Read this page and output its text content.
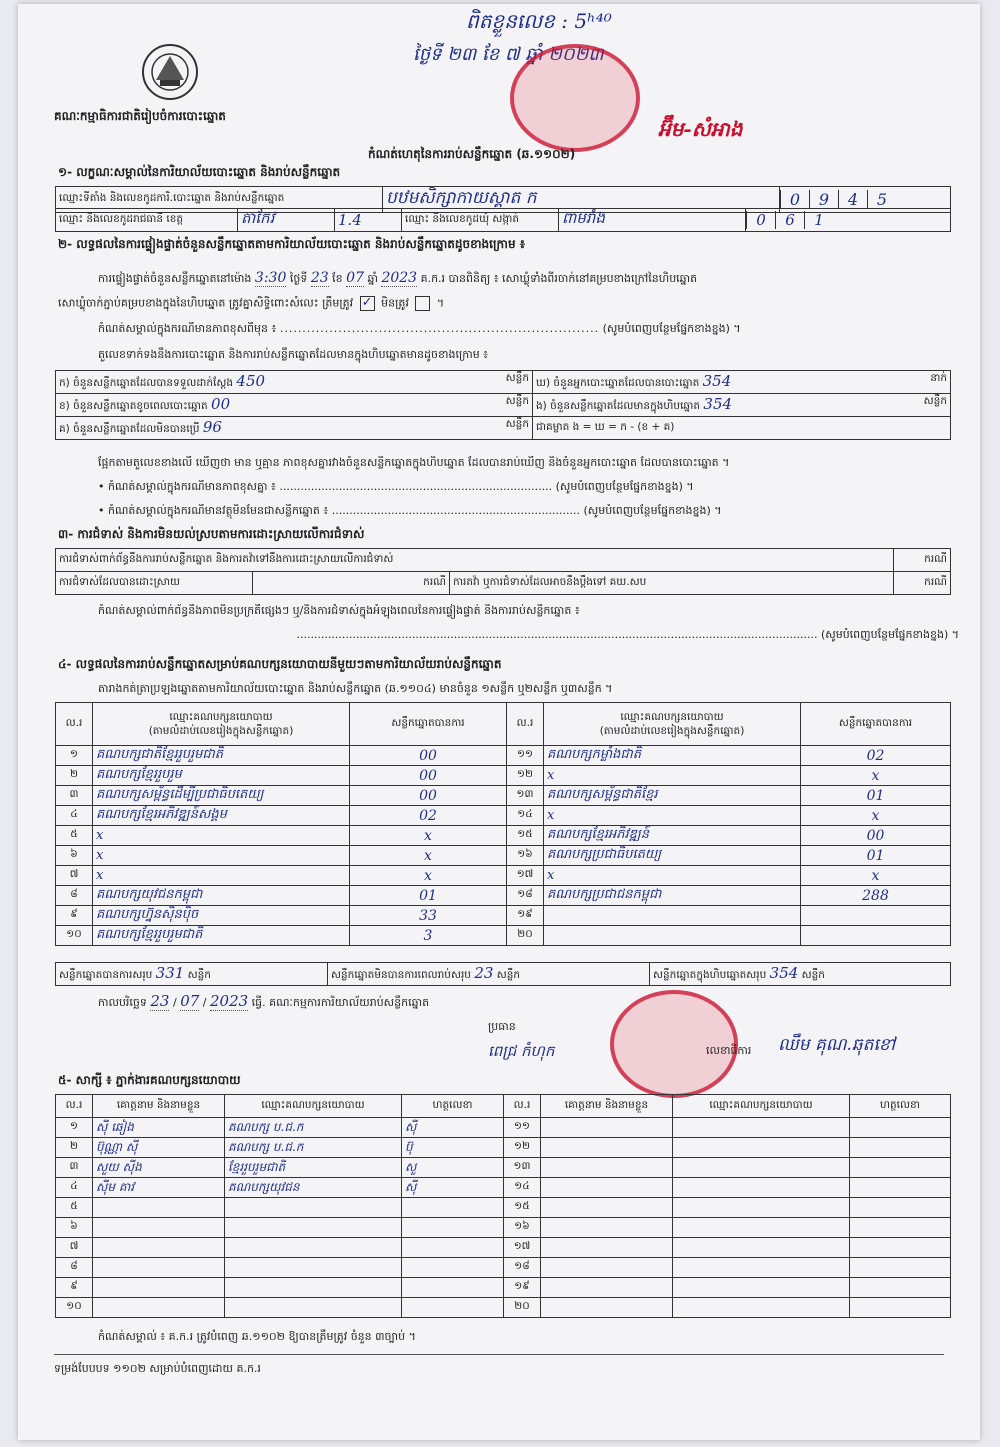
គណៈកម្មាធិការជាតិរៀបចំការបោះឆ្នោត
ពិតខ្លួនលេខ : 5ʰ⁴⁰
ថ្ងៃទី ២៣ ខែ ៧ ឆ្នាំ ២០២៣
អ៊ឹម-សំអាង
កំណត់ហេតុនៃការរាប់សន្លឹកឆ្នោត (ឆ.១១០២)
១- លក្ខណៈសម្គាល់នៃការិយាល័យបោះឆ្នោត និងរាប់សន្លឹកឆ្នោត
ឈ្មោះទីតាំង និងលេខកូដការិ.បោះឆ្នោត និងរាប់សន្លឹកឆ្នោត	បឋមសិក្សាកាយស្គាត ក	0 9 4 5
ឈ្មោះ និងលេខកូដរាជធានី ខេត្ត	តាកែវ	1.4	ឈ្មោះ និងលេខកូដឃុំ សង្កាត់	ពាមរាំង	0 6 1
២- លទ្ធផលនៃការផ្ទៀងផ្ទាត់ចំនួនសន្លឹកឆ្នោតតាមការិយាល័យបោះឆ្នោត និងរាប់សន្លឹកឆ្នោតដូចខាងក្រោម ៖
ការផ្ទៀងផ្ទាត់ចំនួនសន្លឹកឆ្នោតនៅម៉ោង 3:30 ថ្ងៃទី 23 ខែ 07 ឆ្នាំ 2023 គ.ក.រ បានពិនិត្យ ៖ សោឃ្លុំទាំងពីរចាក់នៅគម្របខាងក្រៅនៃហិបឆ្នោត
សោឃ្លុំចាក់ភ្ជាប់គម្របខាងក្នុងនៃហិបឆ្នោត ត្រូវគ្នាសិទ្ធិពោះសំលេះ ត្រឹមត្រូវ ✓ មិនត្រូវ  ។
កំណត់សម្គាល់ក្នុងករណីមានភាពខុសពីមុន ៖ ....................................................................... (សូមបំពេញបន្ថែមផ្នែកខាងខ្នង) ។
តួលេខទាក់ទងនឹងការបោះឆ្នោត និងការរាប់សន្លឹកឆ្នោតដែលមានក្នុងហិបឆ្នោតមានដូចខាងក្រោម ៖
ក) ចំនួនសន្លឹកឆ្នោតដែលបានទទួលដាក់ស្តែង 450 សន្លឹក	ឃ) ចំនួនអ្នកបោះឆ្នោតដែលបានបោះឆ្នោត 354 នាក់

ខ) ចំនួនសន្លឹកឆ្នោតខូចពេលបោះឆ្នោត 00 សន្លឹក	ង) ចំនួនសន្លឹកឆ្នោតដែលមានក្នុងហិបឆ្នោត 354 សន្លឹក

គ) ចំនួនសន្លឹកឆ្នោតដែលមិនបានប្រើ 96 សន្លឹក	ជាគម្លាត ង = ឃ = ក - (ខ + គ)
ផ្អែកតាមតួលេខខាងលើ ឃើញថា មាន ឬគ្មាន ភាពខុសគ្នារវាងចំនួនសន្លឹកឆ្នោតក្នុងហិបឆ្នោត ដែលបានរាប់ឃើញ និងចំនួនអ្នកបោះឆ្នោត ដែលបានបោះឆ្នោត ។
• កំណត់សម្គាល់ក្នុងករណីមានភាពខុសគ្នា ៖ .............................................................................. (សូមបំពេញបន្ថែមផ្នែកខាងខ្នង) ។
• កំណត់សម្គាល់ក្នុងករណីមានវត្ថុមិនមែនជាសន្លឹកឆ្នោត ៖ ....................................................................... (សូមបំពេញបន្ថែមផ្នែកខាងខ្នង) ។
៣- ការជំទាស់ និងការមិនយល់ស្របតាមការដោះស្រាយលើការជំទាស់
ការជំទាស់ពាក់ព័ន្ធនឹងការរាប់សន្លឹកឆ្នោត និងការតវ៉ាទៅនឹងការដោះស្រាយលើការជំទាស់			ករណី
ការជំទាស់ដែលបានដោះស្រាយ	ករណី	ការតវ៉ា ឬការជំទាស់ដែលអាចនឹងប្ដឹងទៅ គឃ.សប	ករណី
កំណត់សម្គាល់ពាក់ព័ន្ធនឹងភាពមិនប្រក្រតីផ្សេងៗ ឬ/និងការជំទាស់ក្នុងអំឡុងពេលនៃការផ្ទៀងផ្ទាត់ និងការរាប់សន្លឹកឆ្នោត ៖
..................................................................................................................................................... (សូមបំពេញបន្ថែមផ្នែកខាងខ្នង) ។
៤- លទ្ធផលនៃការរាប់សន្លឹកឆ្នោតសម្រាប់គណបក្សនយោបាយនីមួយៗតាមការិយាល័យរាប់សន្លឹកឆ្នោត
តារាងកត់ត្រាប្រឡងឆ្នោតតាមការិយាល័យបោះឆ្នោត និងរាប់សន្លឹកឆ្នោត (ឆ.១១០៤) មានចំនួន ១សន្លឹក ឬ២សន្លឹក ឬ៣សន្លឹក ។
ល.រ	ឈ្មោះគណបក្សនយោបាយ
(តាមលំដាប់លេខរៀងក្នុងសន្លឹកឆ្នោត)	សន្លឹកឆ្នោតបានការ	ល.រ	ឈ្មោះគណបក្សនយោបាយ
(តាមលំដាប់លេខរៀងក្នុងសន្លឹកឆ្នោត)	សន្លឹកឆ្នោតបានការ
១	គណបក្សជាតិខ្មែររួបរួមជាតិ	00	១១	គណបក្សកម្លាំងជាតិ	02
២	គណបក្សខ្មែររួបរួម	00	១២	x	x
៣	គណបក្សសម្ព័ន្ធដើម្បីប្រជាធិបតេយ្យ	00	១៣	គណបក្សសម្ព័ន្ធជាតិខ្មែរ	01
៤	គណបក្សខ្មែរអភិវឌ្ឍន៍សង្គម	02	១៤	x	x
៥	x	x	១៥	គណបក្សខ្មែរអភិវឌ្ឍន៍	00
៦	x	x	១៦	គណបក្សប្រជាធិបតេយ្យ	01
៧	x	x	១៧	x	x
៨	គណបក្សយុវជនកម្ពុជា	01	១៨	គណបក្សប្រជាជនកម្ពុជា	288
៩	គណបក្សហ្វ៊ុនស៊ិនប៉ិច	33	១៩		
១០	គណបក្សខ្មែររួបរួមជាតិ	3	២០		
សន្លឹកឆ្នោតបានការសរុប 331 សន្លឹក	សន្លឹកឆ្នោតមិនបានការពេលរាប់សរុប 23 សន្លឹក	សន្លឹកឆ្នោតក្នុងហិបឆ្នោតសរុប 354 សន្លឹក
កាលបរិច្ឆេទ 23 / 07 / 2023 ធ្វើ. គណៈកម្មការការិយាល័យរាប់សន្លឹកឆ្នោត
ប្រធាន
ពេជ្រ កំហុក	លេខាធិការ ឈឹម គុណ.ឆុតខៅ
៥- សាក្សី ៖ ភ្នាក់ងារគណបក្សនយោបាយ
ល.រ	គោត្តនាម និងនាមខ្លួន	ឈ្មោះគណបក្សនយោបាយ	ហត្ថលេខា	ល.រ	គោត្តនាម និងនាមខ្លួន	ឈ្មោះគណបក្សនយោបាយ	ហត្ថលេខា
១	ស៊ី ឆៀង	គណបក្ស ប.ជ.ក	ស៊ី	១១			
២	ប៊ុណ្ណា ស៊ី	គណបក្ស ប.ជ.ក	ប៊ុ	១២			
៣	សួយ ស៊ីង	ខ្មែររួបរួមជាតិ	សួ	១៣			
៤	ស៊ីម គាវ	គណបក្សយុវជន	ស៊ី	១៤			
៥				១៥			
៦				១៦			
៧				១៧			
៨				១៨			
៩				១៩			
១០				២០			
កំណត់សម្គាល់ ៖ គ.ក.រ ត្រូវបំពេញ ឆ.១១០២ ឱ្យបានត្រឹមត្រូវ ចំនួន ៣ច្បាប់ ។
ទម្រង់បែបបទ ១១០២ សម្រាប់បំពេញដោយ គ.ក.រ
